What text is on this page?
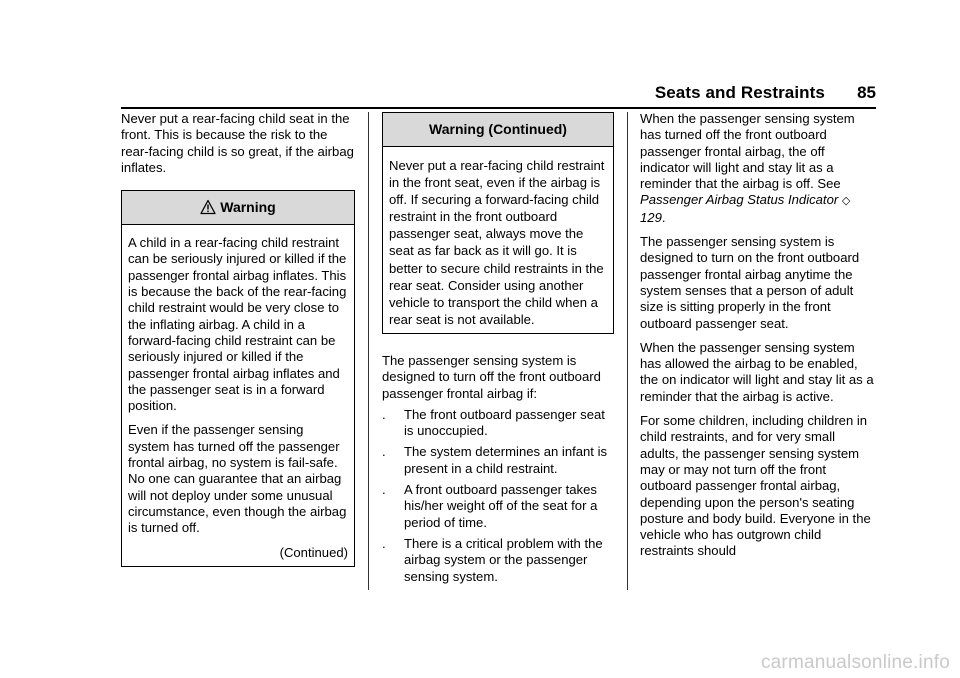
Seats and Restraints	85

Never put a rear-facing child seat in the front. This is because the risk to the rear-facing child is so great, if the airbag inflates.

Warning

A child in a rear-facing child restraint can be seriously injured or killed if the passenger frontal airbag inflates. This is because the back of the rear-facing child restraint would be very close to the inflating airbag. A child in a forward-facing child restraint can be seriously injured or killed if the passenger frontal airbag inflates and the passenger seat is in a forward position.

Even if the passenger sensing system has turned off the passenger frontal airbag, no system is fail-safe. No one can guarantee that an airbag will not deploy under some unusual circumstance, even though the airbag is turned off.

(Continued)

Warning (Continued)

Never put a rear-facing child restraint in the front seat, even if the airbag is off. If securing a forward-facing child restraint in the front outboard passenger seat, always move the seat as far back as it will go. It is better to secure child restraints in the rear seat. Consider using another vehicle to transport the child when a rear seat is not available.

The passenger sensing system is designed to turn off the front outboard passenger frontal airbag if:

.	The front outboard passenger seat is unoccupied.

.	The system determines an infant is present in a child restraint.

.	A front outboard passenger takes his/her weight off of the seat for a period of time.

.	There is a critical problem with the airbag system or the passenger sensing system.

When the passenger sensing system has turned off the front outboard passenger frontal airbag, the off indicator will light and stay lit as a reminder that the airbag is off. See Passenger Airbag Status Indicator ◇ 129.

The passenger sensing system is designed to turn on the front outboard passenger frontal airbag anytime the system senses that a person of adult size is sitting properly in the front outboard passenger seat.

When the passenger sensing system has allowed the airbag to be enabled, the on indicator will light and stay lit as a reminder that the airbag is active.

For some children, including children in child restraints, and for very small adults, the passenger sensing system may or may not turn off the front outboard passenger frontal airbag, depending upon the person's seating posture and body build. Everyone in the vehicle who has outgrown child restraints should

carmanualsonline.info
